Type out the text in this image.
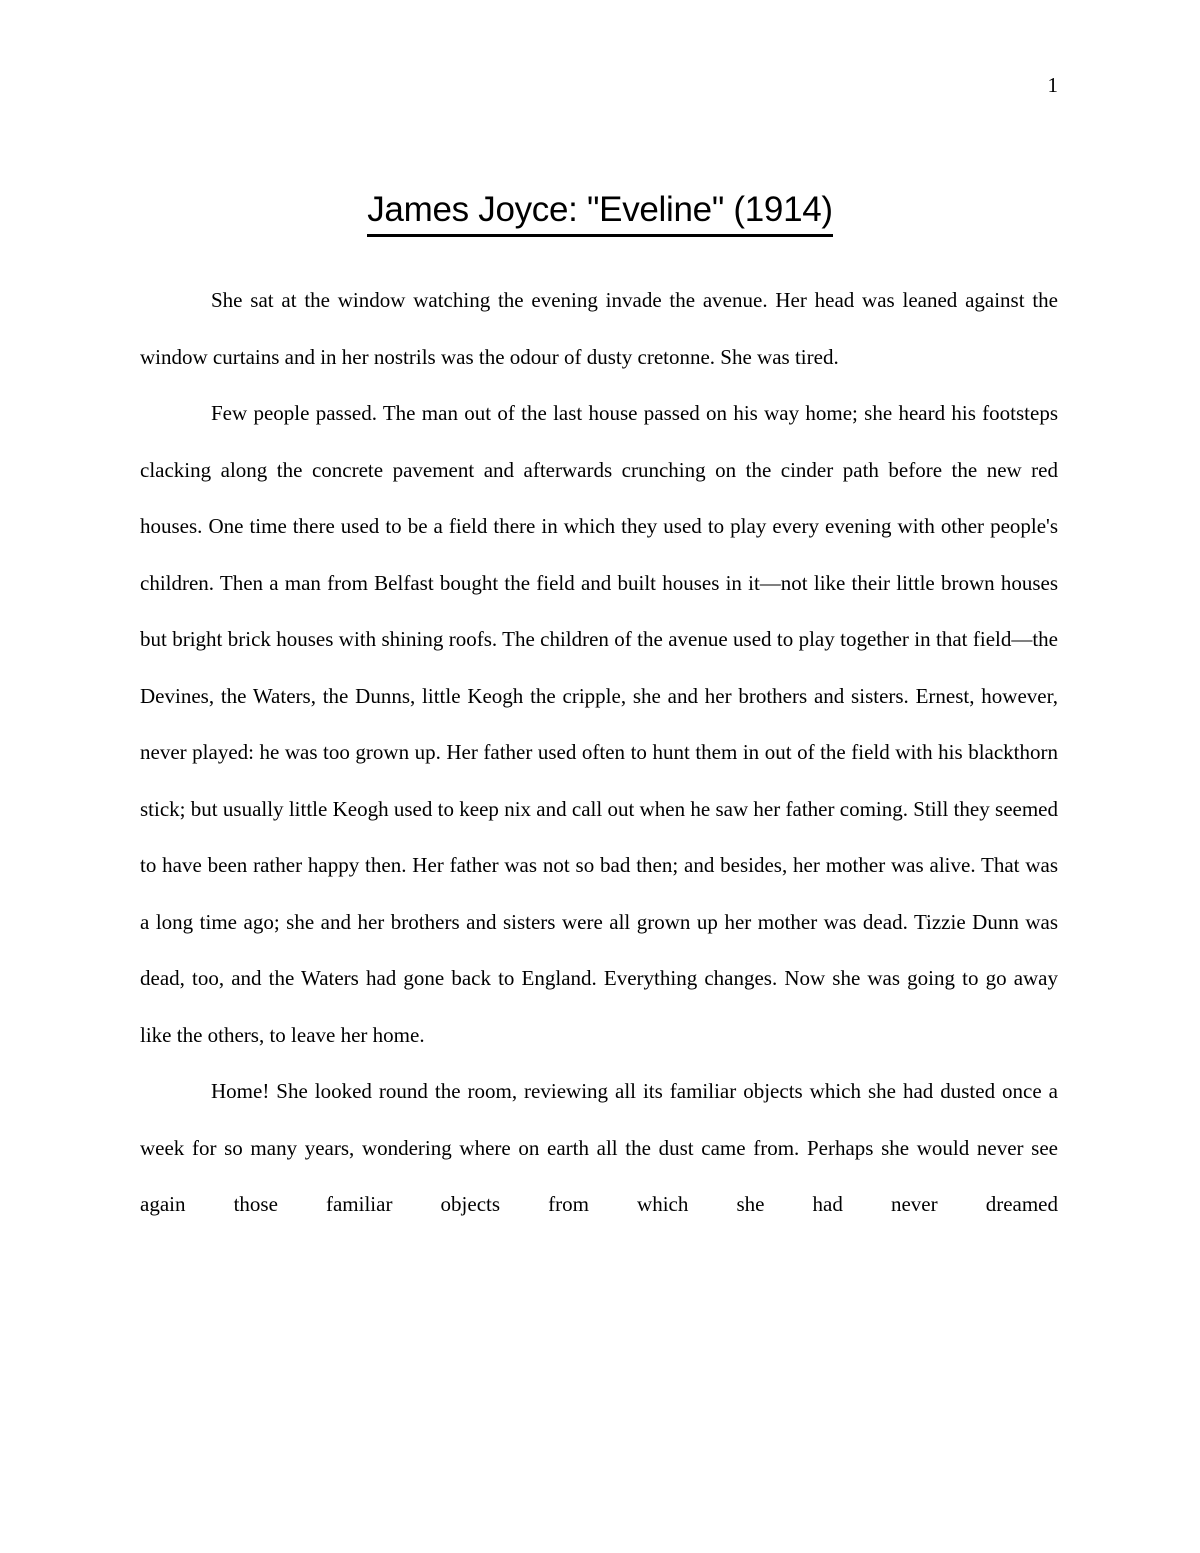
1
James Joyce: "Eveline" (1914)

She sat at the window watching the evening invade the avenue. Her head was leaned against the window curtains and in her nostrils was the odour of dusty cretonne. She was tired.

Few people passed. The man out of the last house passed on his way home; she heard his footsteps clacking along the concrete pavement and afterwards crunching on the cinder path before the new red houses. One time there used to be a field there in which they used to play every evening with other people's children. Then a man from Belfast bought the field and built houses in it—not like their little brown houses but bright brick houses with shining roofs. The children of the avenue used to play together in that field—the Devines, the Waters, the Dunns, little Keogh the cripple, she and her brothers and sisters. Ernest, however, never played: he was too grown up. Her father used often to hunt them in out of the field with his blackthorn stick; but usually little Keogh used to keep nix and call out when he saw her father coming. Still they seemed to have been rather happy then. Her father was not so bad then; and besides, her mother was alive. That was a long time ago; she and her brothers and sisters were all grown up her mother was dead. Tizzie Dunn was dead, too, and the Waters had gone back to England. Everything changes. Now she was going to go away like the others, to leave her home.

Home! She looked round the room, reviewing all its familiar objects which she had dusted once a week for so many years, wondering where on earth all the dust came from. Perhaps she would never see again those familiar objects from which she had never dreamed
